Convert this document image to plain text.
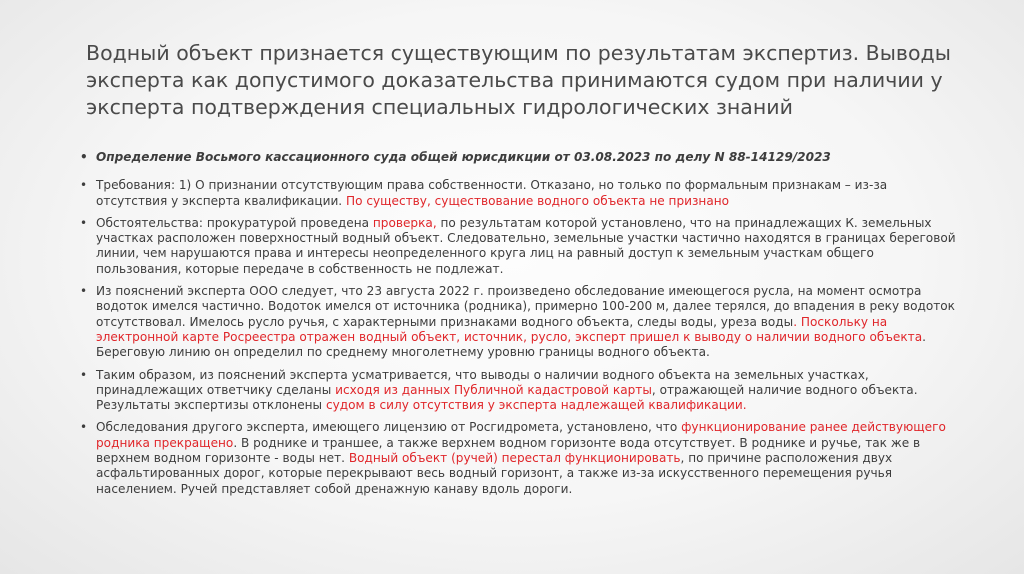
Водный объект признается существующим по результатам экспертиз. Выводы эксперта как допустимого доказательства принимаются судом при наличии у эксперта подтверждения специальных гидрологических знаний
• Определение Восьмого кассационного суда общей юрисдикции от 03.08.2023 по делу N 88-14129/2023
• Требования: 1) О признании отсутствующим права собственности. Отказано, но только по формальным признакам – из-за отсутствия у эксперта квалификации. По существу, существование водного объекта не признано
• Обстоятельства: прокуратурой проведена проверка, по результатам которой установлено, что на принадлежащих К. земельных участках расположен поверхностный водный объект. Следовательно, земельные участки частично находятся в границах береговой линии, чем нарушаются права и интересы неопределенного круга лиц на равный доступ к земельным участкам общего пользования, которые передаче в собственность не подлежат.
• Из пояснений эксперта ООО следует, что 23 августа 2022 г. произведено обследование имеющегося русла, на момент осмотра водоток имелся частично. Водоток имелся от источника (родника), примерно 100-200 м, далее терялся, до впадения в реку водоток отсутствовал. Имелось русло ручья, с характерными признаками водного объекта, следы воды, уреза воды. Поскольку на электронной карте Росреестра отражен водный объект, источник, русло, эксперт пришел к выводу о наличии водного объекта. Береговую линию он определил по среднему многолетнему уровню границы водного объекта.
• Таким образом, из пояснений эксперта усматривается, что выводы о наличии водного объекта на земельных участках, принадлежащих ответчику сделаны исходя из данных Публичной кадастровой карты, отражающей наличие водного объекта. Результаты экспертизы отклонены судом в силу отсутствия у эксперта надлежащей квалификации.
• Обследования другого эксперта, имеющего лицензию от Росгидромета, установлено, что функционирование ранее действующего родника прекращено. В роднике и траншее, а также верхнем водном горизонте вода отсутствует. В роднике и ручье, так же в верхнем водном горизонте - воды нет. Водный объект (ручей) перестал функционировать, по причине расположения двух асфальтированных дорог, которые перекрывают весь водный горизонт, а также из-за искусственного перемещения ручья населением. Ручей представляет собой дренажную канаву вдоль дороги.
